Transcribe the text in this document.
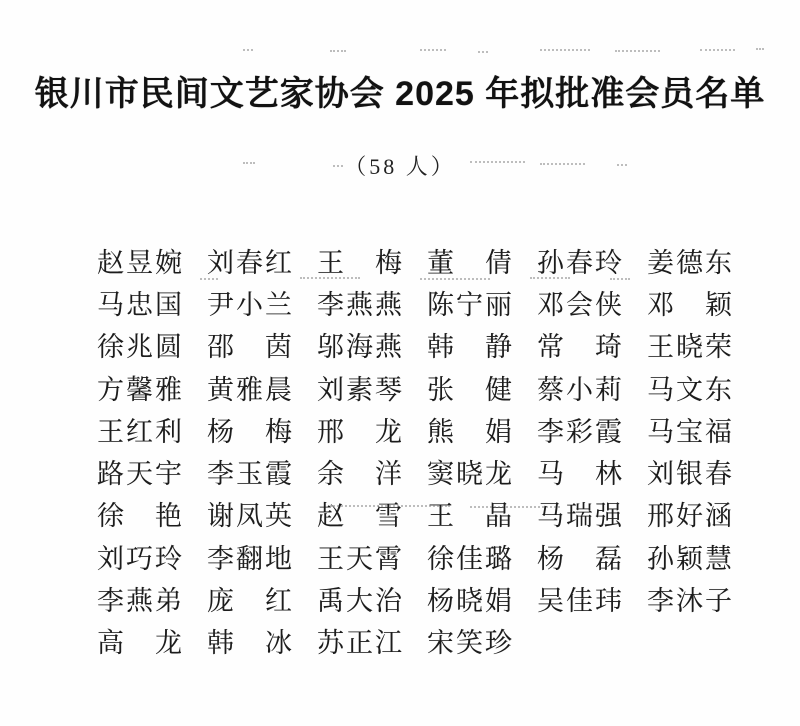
银川市民间文艺家协会 2025 年拟批准会员名单
（58 人）
赵 昱 婉 刘 春 红 王 梅 董 倩 孙 春 玲 姜 德 东
马 忠 国 尹 小 兰 李 燕 燕 陈 宁 丽 邓 会 侠 邓 颖
徐 兆 圆 邵 茵 邬 海 燕 韩 静 常 琦 王 晓 荣
方 馨 雅 黄 雅 晨 刘 素 琴 张 健 蔡 小 莉 马 文 东
王 红 利 杨 梅 邢 龙 熊 娟 李 彩 霞 马 宝 福
路 天 宇 李 玉 霞 余 洋 窦 晓 龙 马 林 刘 银 春
徐 艳 谢 凤 英 赵 雪 王 晶 马 瑞 强 邢 好 涵
刘 巧 玲 李 翻 地 王 天 霄 徐 佳 璐 杨 磊 孙 颖 慧
李 燕 弟 庞 红 禹 大 治 杨 晓 娟 吴 佳 玮 李 沐 子
高 龙 韩 冰 苏 正 江 宋 笑 珍
